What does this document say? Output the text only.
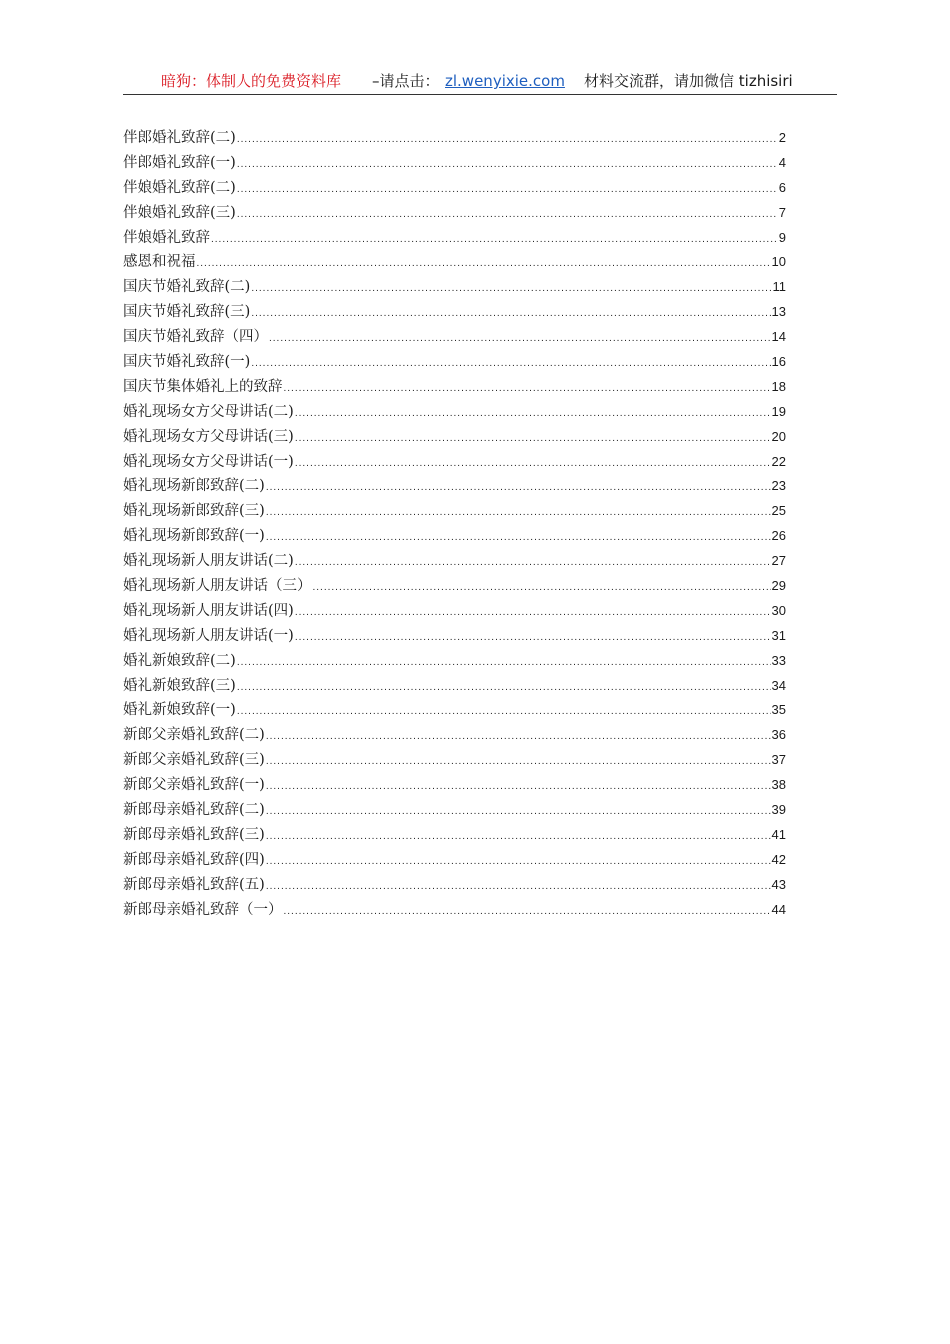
暗狗：体制人的免费资料库 –请点击： zl.wenyixie.com 材料交流群，请加微信 tizhisiri
伴郎婚礼致辞(二) .....	2
伴郎婚礼致辞(一) .....	4
伴娘婚礼致辞(二) .....	6
伴娘婚礼致辞(三) .....	7
伴娘婚礼致辞 .....	9
感恩和祝福 .....	10
国庆节婚礼致辞(二) .....	11
国庆节婚礼致辞(三) .....	13
国庆节婚礼致辞（四） .....	14
国庆节婚礼致辞(一) .....	16
国庆节集体婚礼上的致辞 .....	18
婚礼现场女方父母讲话(二) .....	19
婚礼现场女方父母讲话(三) .....	20
婚礼现场女方父母讲话(一) .....	22
婚礼现场新郎致辞(二) .....	23
婚礼现场新郎致辞(三) .....	25
婚礼现场新郎致辞(一) .....	26
婚礼现场新人朋友讲话(二) .....	27
婚礼现场新人朋友讲话（三） .....	29
婚礼现场新人朋友讲话(四) .....	30
婚礼现场新人朋友讲话(一) .....	31
婚礼新娘致辞(二) .....	33
婚礼新娘致辞(三) .....	34
婚礼新娘致辞(一) .....	35
新郎父亲婚礼致辞(二) .....	36
新郎父亲婚礼致辞(三) .....	37
新郎父亲婚礼致辞(一) .....	38
新郎母亲婚礼致辞(二) .....	39
新郎母亲婚礼致辞(三) .....	41
新郎母亲婚礼致辞(四) .....	42
新郎母亲婚礼致辞(五) .....	43
新郎母亲婚礼致辞（一） .....	44
